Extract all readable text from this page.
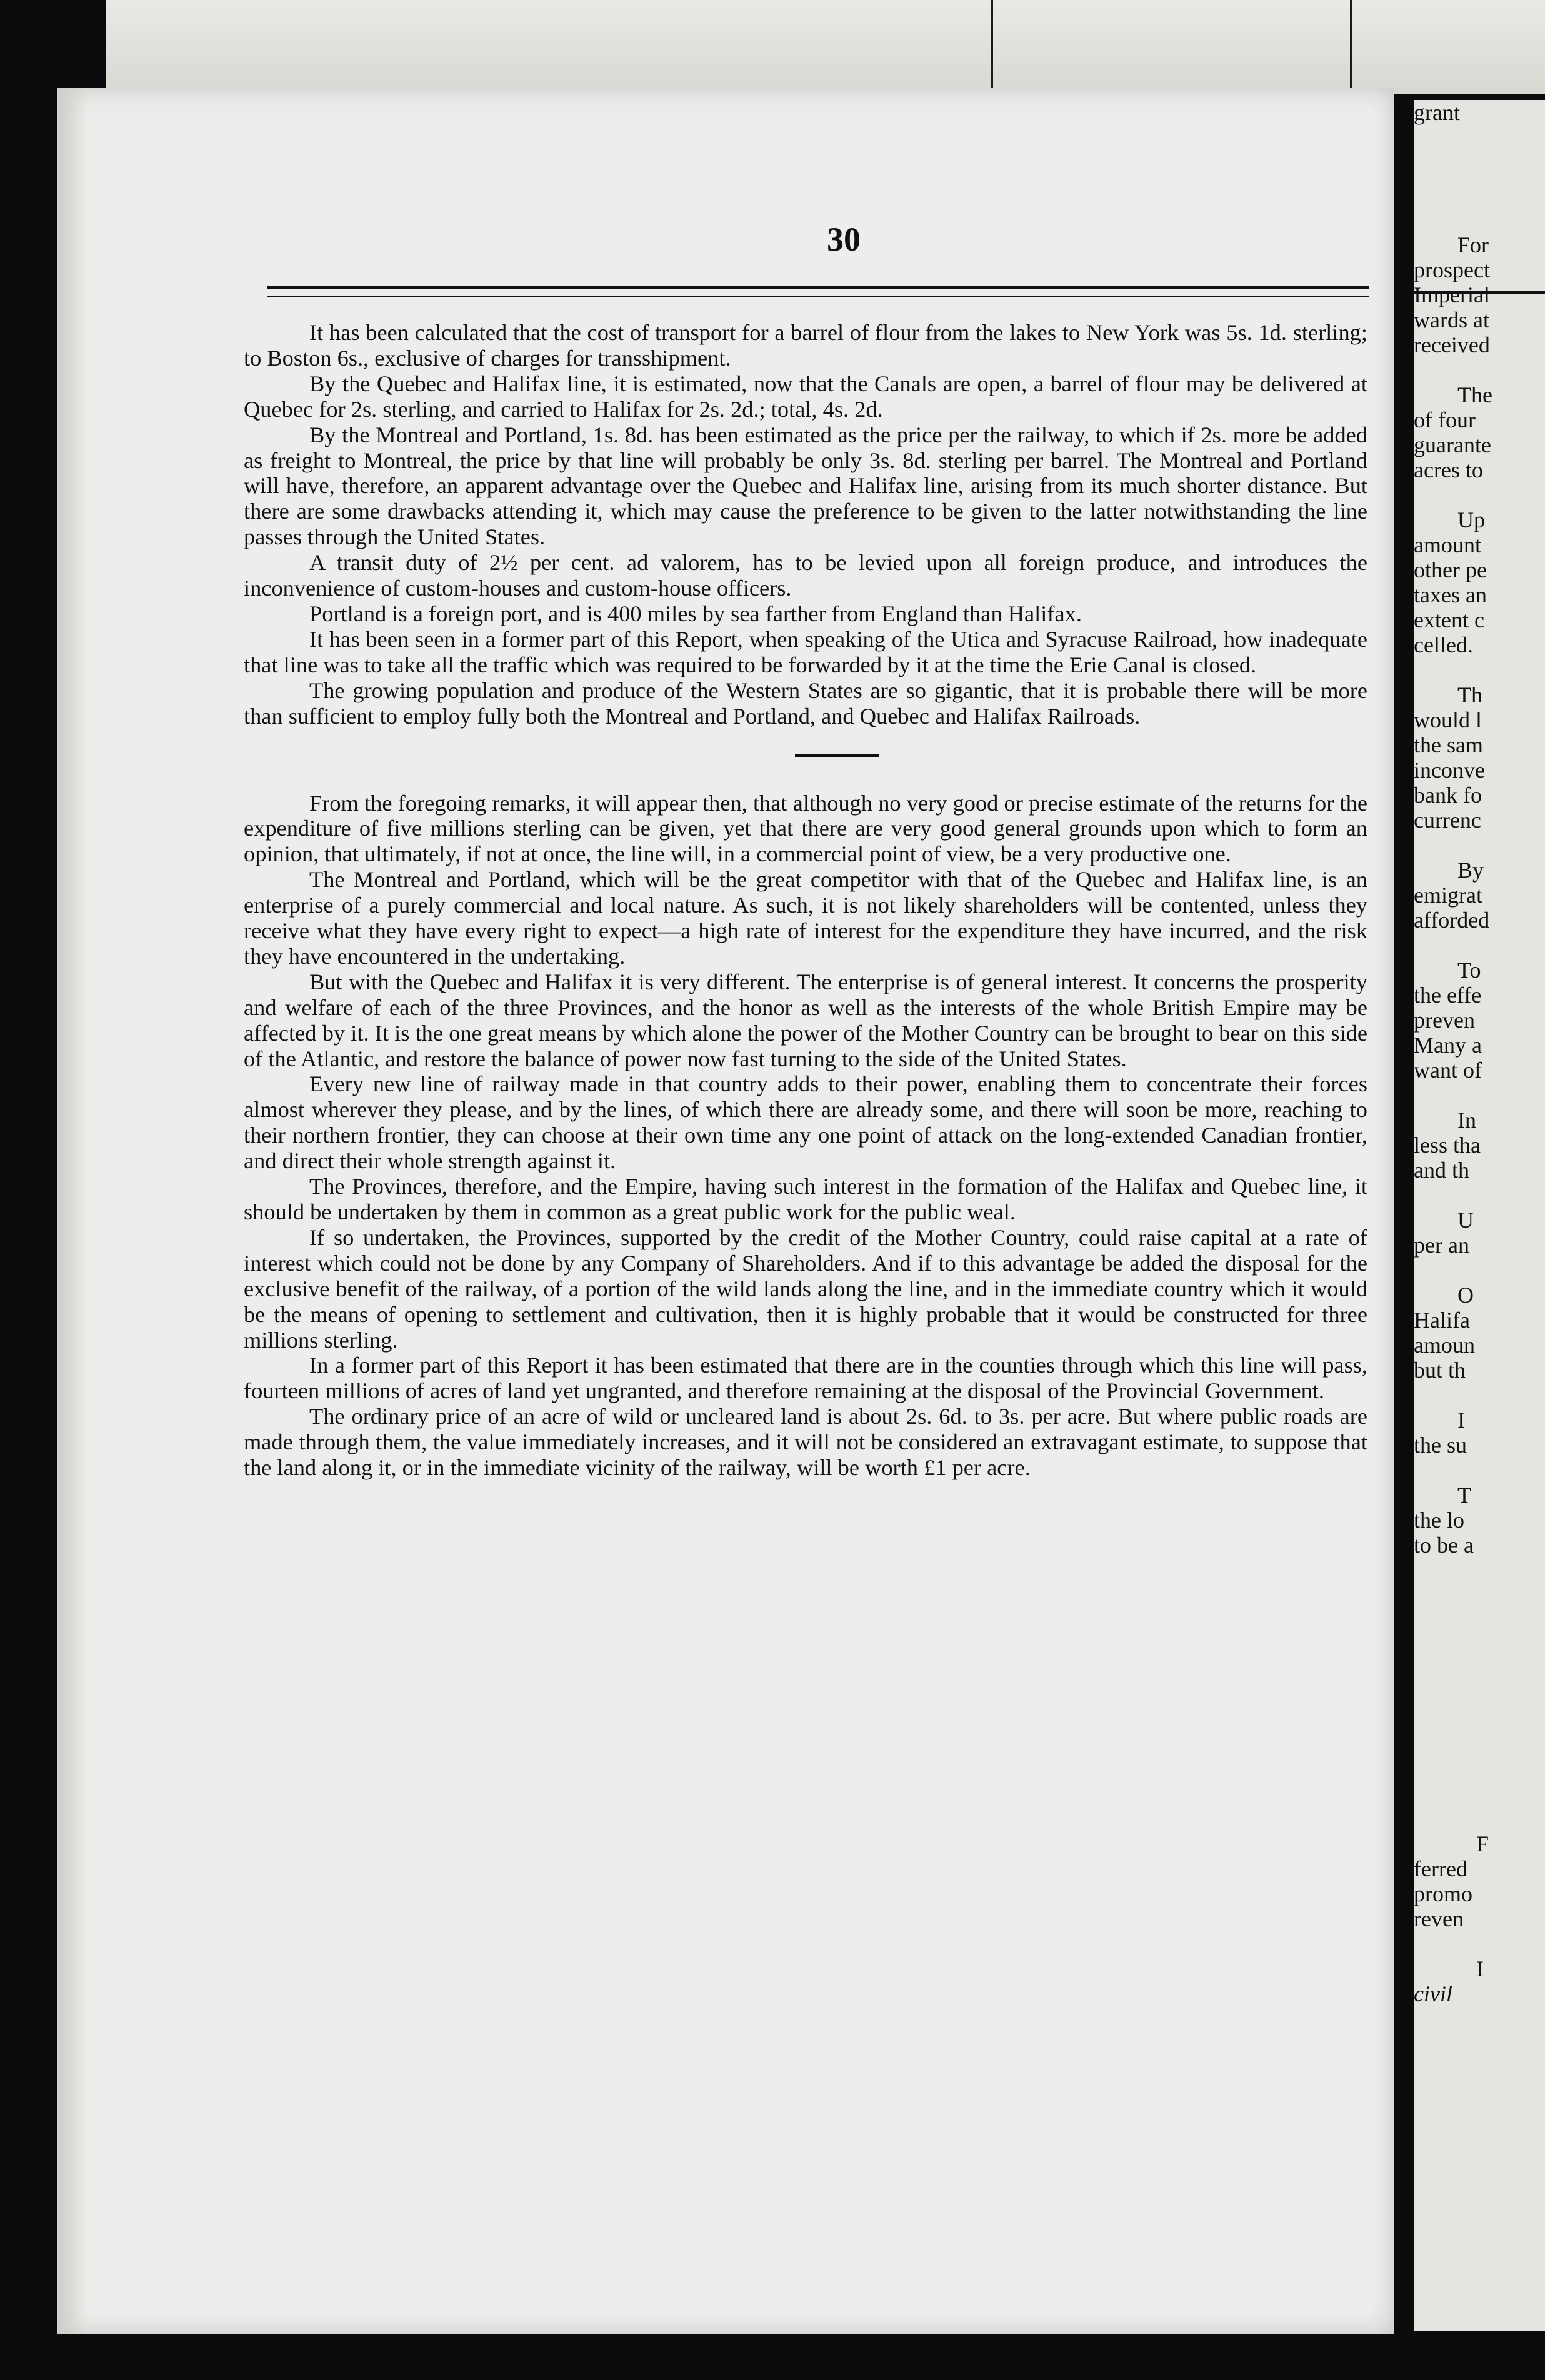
30

It has been calculated that the cost of transport for a barrel of flour from the lakes to New York was 5s. 1d. sterling; to Boston 6s., exclusive of charges for transshipment.

By the Quebec and Halifax line, it is estimated, now that the Canals are open, a barrel of flour may be delivered at Quebec for 2s. sterling, and carried to Halifax for 2s. 2d.; total, 4s. 2d.

By the Montreal and Portland, 1s. 8d. has been estimated as the price per the railway, to which if 2s. more be added as freight to Montreal, the price by that line will probably be only 3s. 8d. sterling per barrel. The Montreal and Portland will have, therefore, an apparent advantage over the Quebec and Halifax line, arising from its much shorter distance. But there are some drawbacks attending it, which may cause the preference to be given to the latter notwithstanding the line passes through the United States.

A transit duty of 2½ per cent. ad valorem, has to be levied upon all foreign produce, and introduces the inconvenience of custom-houses and custom-house officers.

Portland is a foreign port, and is 400 miles by sea farther from England than Halifax.

It has been seen in a former part of this Report, when speaking of the Utica and Syracuse Railroad, how inadequate that line was to take all the traffic which was required to be forwarded by it at the time the Erie Canal is closed.

The growing population and produce of the Western States are so gigantic, that it is probable there will be more than sufficient to employ fully both the Montreal and Portland, and Quebec and Halifax Railroads.

From the foregoing remarks, it will appear then, that although no very good or precise estimate of the returns for the expenditure of five millions sterling can be given, yet that there are very good general grounds upon which to form an opinion, that ultimately, if not at once, the line will, in a commercial point of view, be a very productive one.

The Montreal and Portland, which will be the great competitor with that of the Quebec and Halifax line, is an enterprise of a purely commercial and local nature. As such, it is not likely shareholders will be contented, unless they receive what they have every right to expect—a high rate of interest for the expenditure they have incurred, and the risk they have encountered in the undertaking.

But with the Quebec and Halifax it is very different. The enterprise is of general interest. It concerns the prosperity and welfare of each of the three Provinces, and the honor as well as the interests of the whole British Empire may be affected by it. It is the one great means by which alone the power of the Mother Country can be brought to bear on this side of the Atlantic, and restore the balance of power now fast turning to the side of the United States.

Every new line of railway made in that country adds to their power, enabling them to concentrate their forces almost wherever they please, and by the lines, of which there are already some, and there will soon be more, reaching to their northern frontier, they can choose at their own time any one point of attack on the long-extended Canadian frontier, and direct their whole strength against it.

The Provinces, therefore, and the Empire, having such interest in the formation of the Halifax and Quebec line, it should be undertaken by them in common as a great public work for the public weal.

If so undertaken, the Provinces, supported by the credit of the Mother Country, could raise capital at a rate of interest which could not be done by any Company of Shareholders. And if to this advantage be added the disposal for the exclusive benefit of the railway, of a portion of the wild lands along the line, and in the immediate country which it would be the means of opening to settlement and cultivation, then it is highly probable that it would be constructed for three millions sterling.

In a former part of this Report it has been estimated that there are in the counties through which this line will pass, fourteen millions of acres of land yet ungranted, and therefore remaining at the disposal of the Provincial Government.

The ordinary price of an acre of wild or uncleared land is about 2s. 6d. to 3s. per acre. But where public roads are made through them, the value immediately increases, and it will not be considered an extravagant estimate, to suppose that the land along it, or in the immediate vicinity of the railway, will be worth £1 per acre.

For
prospect
Imperial
wards at
received
The
of four
guarante
acres to
Up
amount
other pe
taxes an
extent c
celled.
Th
would l
the sam
inconve
bank fo
currenc
By
emigrat
afforded
To
the effe
preven
Many a
want of
In
less tha
and th
U
per an
O
Halifa
amoun
but th
I
the su
T
the lo
to be a
F
ferred
promo
reven
I
civil
grant
